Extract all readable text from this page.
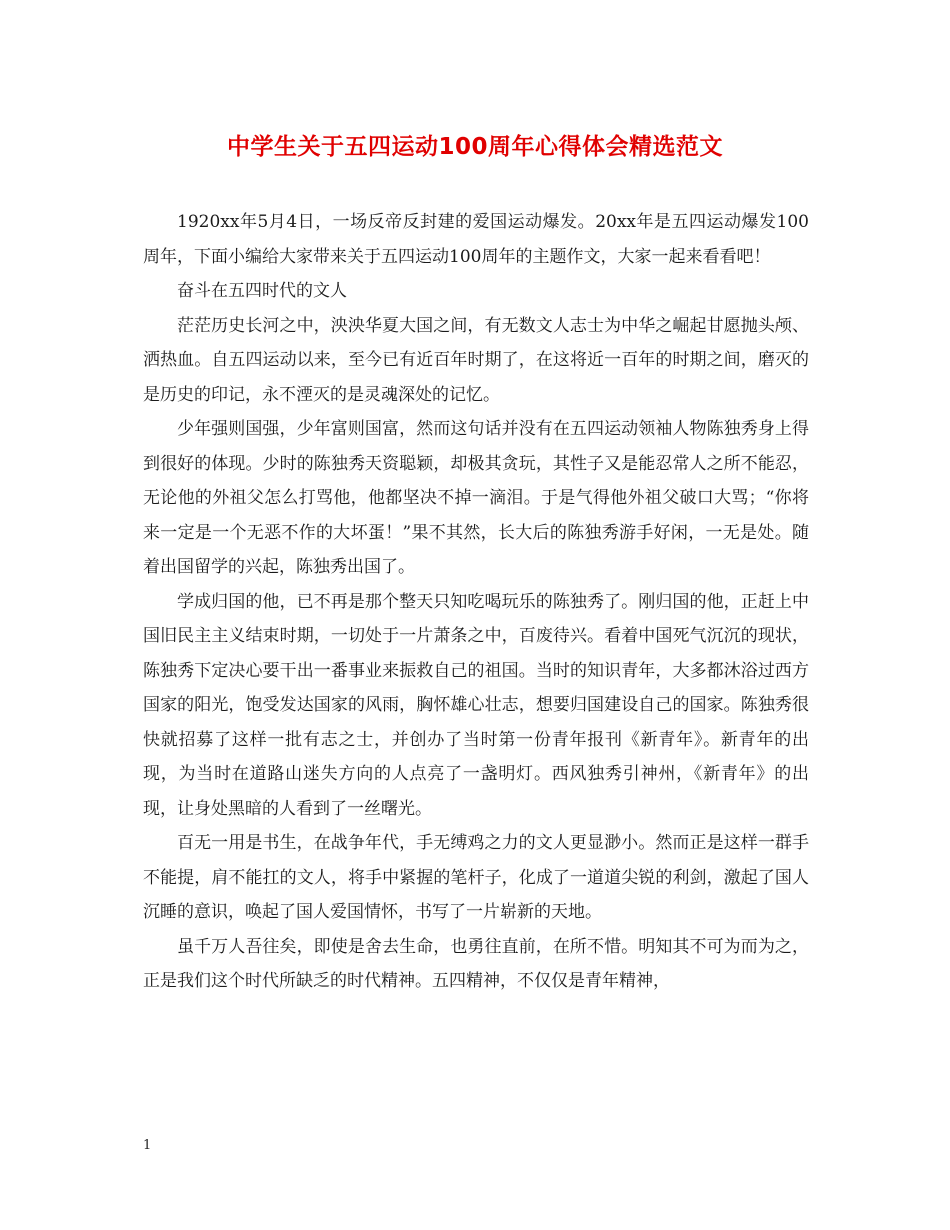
中学生关于五四运动100周年心得体会精选范文

1920xx年5月4日，一场反帝反封建的爱国运动爆发。20xx年是五四运动爆发100周年，下面小编给大家带来关于五四运动100周年的主题作文，大家一起来看看吧！

奋斗在五四时代的文人

茫茫历史长河之中，泱泱华夏大国之间，有无数文人志士为中华之崛起甘愿抛头颅、洒热血。自五四运动以来，至今已有近百年时期了，在这将近一百年的时期之间，磨灭的是历史的印记，永不湮灭的是灵魂深处的记忆。

少年强则国强，少年富则国富，然而这句话并没有在五四运动领袖人物陈独秀身上得到很好的体现。少时的陈独秀天资聪颖，却极其贪玩，其性子又是能忍常人之所不能忍，无论他的外祖父怎么打骂他，他都坚决不掉一滴泪。于是气得他外祖父破口大骂；“你将来一定是一个无恶不作的大坏蛋！”果不其然，长大后的陈独秀游手好闲，一无是处。随着出国留学的兴起，陈独秀出国了。

学成归国的他，已不再是那个整天只知吃喝玩乐的陈独秀了。刚归国的他，正赶上中国旧民主主义结束时期，一切处于一片萧条之中，百废待兴。看着中国死气沉沉的现状，陈独秀下定决心要干出一番事业来振救自己的祖国。当时的知识青年，大多都沐浴过西方国家的阳光，饱受发达国家的风雨，胸怀雄心壮志，想要归国建设自己的国家。陈独秀很快就招募了这样一批有志之士，并创办了当时第一份青年报刊《新青年》。新青年的出现，为当时在道路山迷失方向的人点亮了一盏明灯。西风独秀引神州，《新青年》的出现，让身处黑暗的人看到了一丝曙光。

百无一用是书生，在战争年代，手无缚鸡之力的文人更显渺小。然而正是这样一群手不能提，肩不能扛的文人，将手中紧握的笔杆子，化成了一道道尖锐的利剑，激起了国人沉睡的意识，唤起了国人爱国情怀，书写了一片崭新的天地。

虽千万人吾往矣，即使是舍去生命，也勇往直前，在所不惜。明知其不可为而为之，正是我们这个时代所缺乏的时代精神。五四精神，不仅仅是青年精神，

1
